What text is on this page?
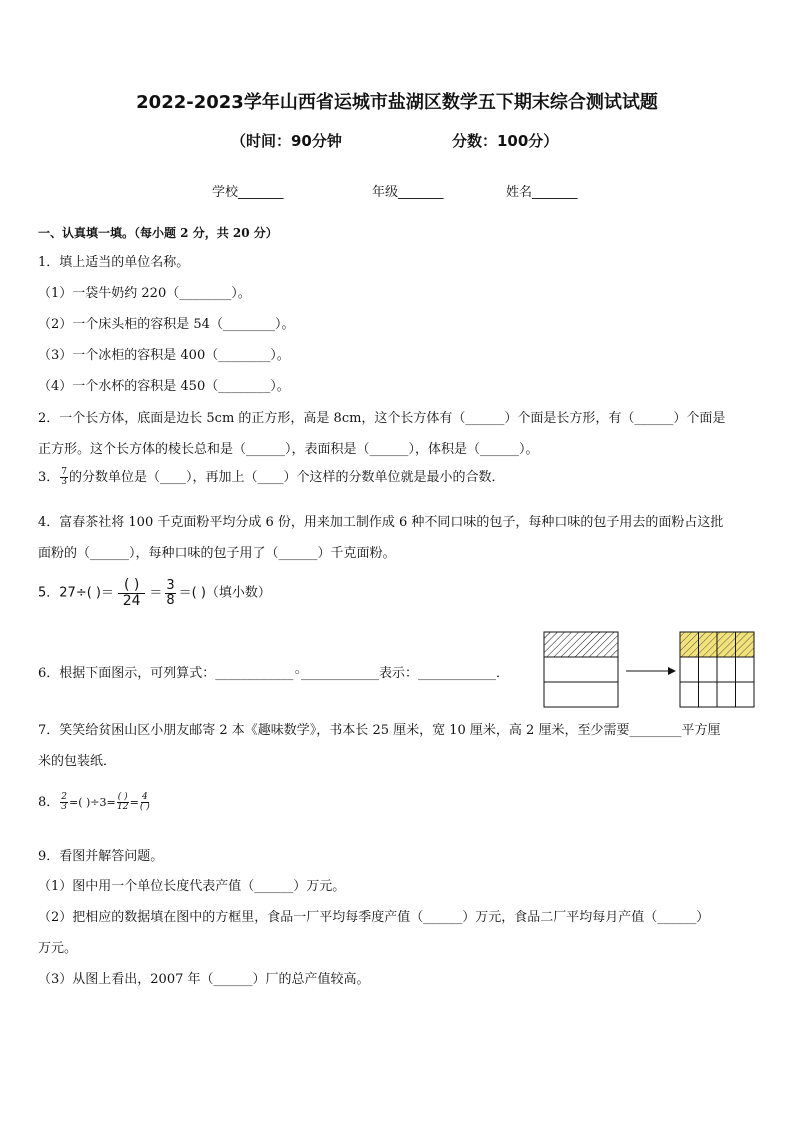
2022-2023学年山西省运城市盐湖区数学五下期末综合测试试题
（时间：90分钟	分数：100分）
学校_______	年级_______	姓名_______
一、认真填一填。（每小题 2 分，共 20 分）
1．填上适当的单位名称。
（1）一袋牛奶约 220（________）。
（2）一个床头柜的容积是 54（________）。
（3）一个冰柜的容积是 400（________）。
（4）一个水杯的容积是 450（________）。
2．一个长方体，底面是边长 5cm 的正方形，高是 8cm，这个长方体有（______）个面是长方形，有（______）个面是
正方形。这个长方体的棱长总和是（______），表面积是（______），体积是（______）。
3． $\frac{7}{3}$ 的分数单位是（____），再加上（____）个这样的分数单位就是最小的合数．
4．富春茶社将 100 千克面粉平均分成 6 份，用来加工制作成 6 种不同口味的包子，每种口味的包子用去的面粉占这批
面粉的（______），每种口味的包子用了（______）千克面粉。
5．27÷( )＝ $\frac{( )}{24} = \frac{3}{8}$ ＝( )（填小数）
6．根据下面图示，可列算式：____________◦____________表示：____________．
7．笑笑给贫困山区小朋友邮寄 2 本《趣味数学》，书本长 25 厘米，宽 10 厘米，高 2 厘米，至少需要________平方厘
米的包装纸．
8． $\frac{2}{3}$ =( )$\div 3= \frac{( )}{12} = \frac{4}{( )}$
9．看图并解答问题。
（1）图中用一个单位长度代表产值（______）万元。
（2）把相应的数据填在图中的方框里，食品一厂平均每季度产值（______）万元，食品二厂平均每月产值（______）
万元。
（3）从图上看出，2007 年（______）厂的总产值较高。
